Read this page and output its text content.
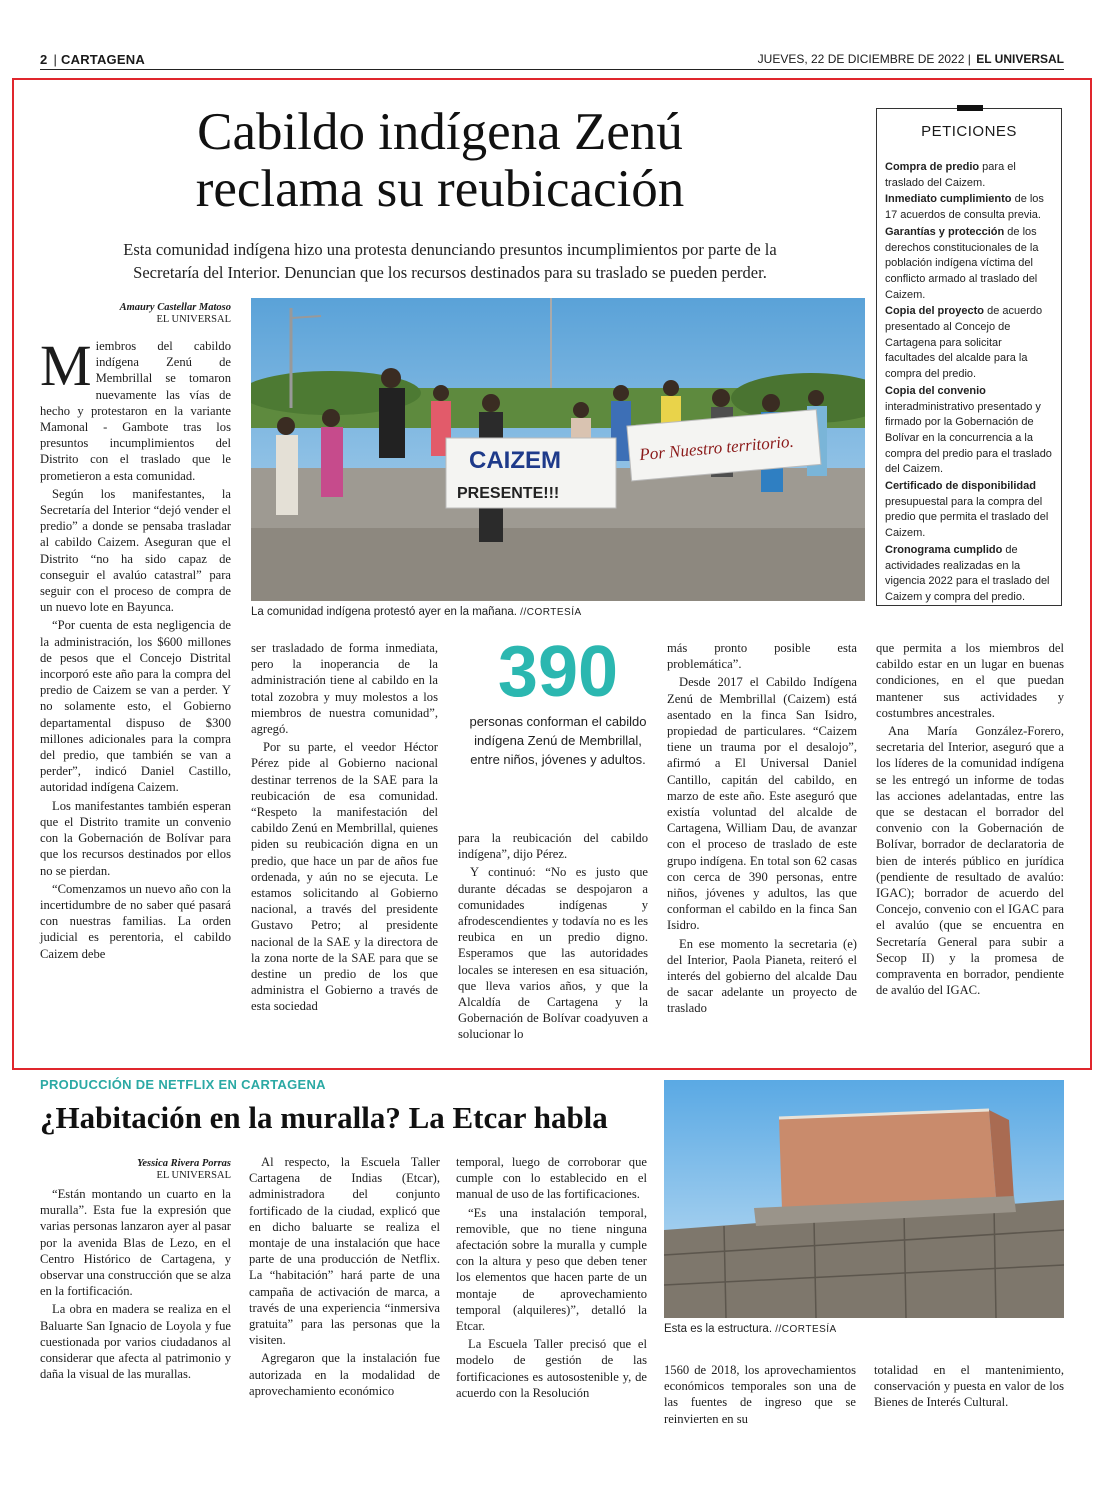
2 | CARTAGENA	JUEVES, 22 DE DICIEMBRE DE 2022 | EL UNIVERSAL
Cabildo indígena Zenú
reclama su reubicación
Esta comunidad indígena hizo una protesta denunciando presuntos incumplimientos por parte de la
Secretaría del Interior. Denuncian que los recursos destinados para su traslado se pueden perder.
PETICIONES

Compra de predio para el traslado del Caizem.

Inmediato cumplimiento de los 17 acuerdos de consulta previa.

Garantías y protección de los derechos constitucionales de la población indígena víctima del conflicto armado al traslado del Caizem.

Copia del proyecto de acuerdo presentado al Concejo de Cartagena para solicitar facultades del alcalde para la compra del predio.

Copia del convenio interadministrativo presentado y firmado por la Gobernación de Bolívar en la concurrencia a la compra del predio para el traslado del Caizem.

Certificado de disponibilidad presupuestal para la compra del predio que permita el traslado del Caizem.

Cronograma cumplido de actividades realizadas en la vigencia 2022 para el traslado del Caizem y compra del predio.

Amaury Castellar Matoso
EL UNIVERSAL

Miembros del cabildo indígena Zenú de Membrillal se tomaron nuevamente las vías de hecho y protestaron en la variante Mamonal - Gambote tras los presuntos incumplimientos del Distrito con el traslado que le prometieron a esta comunidad.

Según los manifestantes, la Secretaría del Interior “dejó vender el predio” a donde se pensaba trasladar al cabildo Caizem. Aseguran que el Distrito “no ha sido capaz de conseguir el avalúo catastral” para seguir con el proceso de compra de un nuevo lote en Bayunca.

“Por cuenta de esta negligencia de la administración, los $600 millones de pesos que el Concejo Distrital incorporó este año para la compra del predio de Caizem se van a perder. Y no solamente esto, el Gobierno departamental dispuso de $300 millones adicionales para la compra del predio, que también se van a perder”, indicó Daniel Castillo, autoridad indígena Caizem.

Los manifestantes también esperan que el Distrito tramite un convenio con la Gobernación de Bolívar para que los recursos destinados por ellos no se pierdan.

“Comenzamos un nuevo año con la incertidumbre de no saber qué pasará con nuestras familias. La orden judicial es perentoria, el cabildo Caizem debe

CAIZEM
PRESENTE!!!
Por Nuestro territorio.
La comunidad indígena protestó ayer en la mañana. //CORTESÍA

ser trasladado de forma inmediata, pero la inoperancia de la administración tiene al cabildo en la total zozobra y muy molestos a los miembros de nuestra comunidad”, agregó.

Por su parte, el veedor Héctor Pérez pide al Gobierno nacional destinar terrenos de la SAE para la reubicación de esa comunidad. “Respeto la manifestación del cabildo Zenú en Membrillal, quienes piden su reubicación digna en un predio, que hace un par de años fue ordenada, y aún no se ejecuta. Le estamos solicitando al Gobierno nacional, a través del presidente Gustavo Petro; al presidente nacional de la SAE y la directora de la zona norte de la SAE para que se destine un predio de los que administra el Gobierno a través de esta sociedad

390
personas conforman el cabildo indígena Zenú de Membrillal, entre niños, jóvenes y adultos.

para la reubicación del cabildo indígena”, dijo Pérez.

Y continuó: “No es justo que durante décadas se despojaron a comunidades indígenas y afrodescendientes y todavía no es les reubica en un predio digno. Esperamos que las autoridades locales se interesen en esa situación, que lleva varios años, y que la Alcaldía de Cartagena y la Gobernación de Bolívar coadyuven a solucionar lo

más pronto posible esta problemática”.

Desde 2017 el Cabildo Indígena Zenú de Membrillal (Caizem) está asentado en la finca San Isidro, propiedad de particulares. “Caizem tiene un trauma por el desalojo”, afirmó a El Universal Daniel Cantillo, capitán del cabildo, en marzo de este año. Este aseguró que existía voluntad del alcalde de Cartagena, William Dau, de avanzar con el proceso de traslado de este grupo indígena. En total son 62 casas con cerca de 390 personas, entre niños, jóvenes y adultos, las que conforman el cabildo en la finca San Isidro.

En ese momento la secretaria (e) del Interior, Paola Pianeta, reiteró el interés del gobierno del alcalde Dau de sacar adelante un proyecto de traslado

que permita a los miembros del cabildo estar en un lugar en buenas condiciones, en el que puedan mantener sus actividades y costumbres ancestrales.

Ana María González-Forero, secretaria del Interior, aseguró que a los líderes de la comunidad indígena se les entregó un informe de todas las acciones adelantadas, entre las que se destacan el borrador del convenio con la Gobernación de Bolívar, borrador de declaratoria de bien de interés público en jurídica (pendiente de resultado de avalúo: IGAC); borrador de acuerdo del Concejo, convenio con el IGAC para el avalúo (que se encuentra en Secretaría General para subir a Secop II) y la promesa de compraventa en borrador, pendiente de avalúo del IGAC.

PRODUCCIÓN DE NETFLIX EN CARTAGENA
¿Habitación en la muralla? La Etcar habla
Yessica Rivera Porras
EL UNIVERSAL

“Están montando un cuarto en la muralla”. Esta fue la expresión que varias personas lanzaron ayer al pasar por la avenida Blas de Lezo, en el Centro Histórico de Cartagena, y observar una construcción que se alza en la fortificación.

La obra en madera se realiza en el Baluarte San Ignacio de Loyola y fue cuestionada por varios ciudadanos al considerar que afecta al patrimonio y daña la visual de las murallas.

Al respecto, la Escuela Taller Cartagena de Indias (Etcar), administradora del conjunto fortificado de la ciudad, explicó que en dicho baluarte se realiza el montaje de una instalación que hace parte de una producción de Netflix. La “habitación” hará parte de una campaña de activación de marca, a través de una experiencia “inmersiva gratuita” para las personas que la visiten.

Agregaron que la instalación fue autorizada en la modalidad de aprovechamiento económico

temporal, luego de corroborar que cumple con lo establecido en el manual de uso de las fortificaciones.

“Es una instalación temporal, removible, que no tiene ninguna afectación sobre la muralla y cumple con la altura y peso que deben tener los elementos que hacen parte de un montaje de aprovechamiento temporal (alquileres)”, detalló la Etcar.

La Escuela Taller precisó que el modelo de gestión de las fortificaciones es autosostenible y, de acuerdo con la Resolución

Esta es la estructura. //CORTESÍA

1560 de 2018, los aprovechamientos económicos temporales son una de las fuentes de ingreso que se reinvierten en su

totalidad en el mantenimiento, conservación y puesta en valor de los Bienes de Interés Cultural.
